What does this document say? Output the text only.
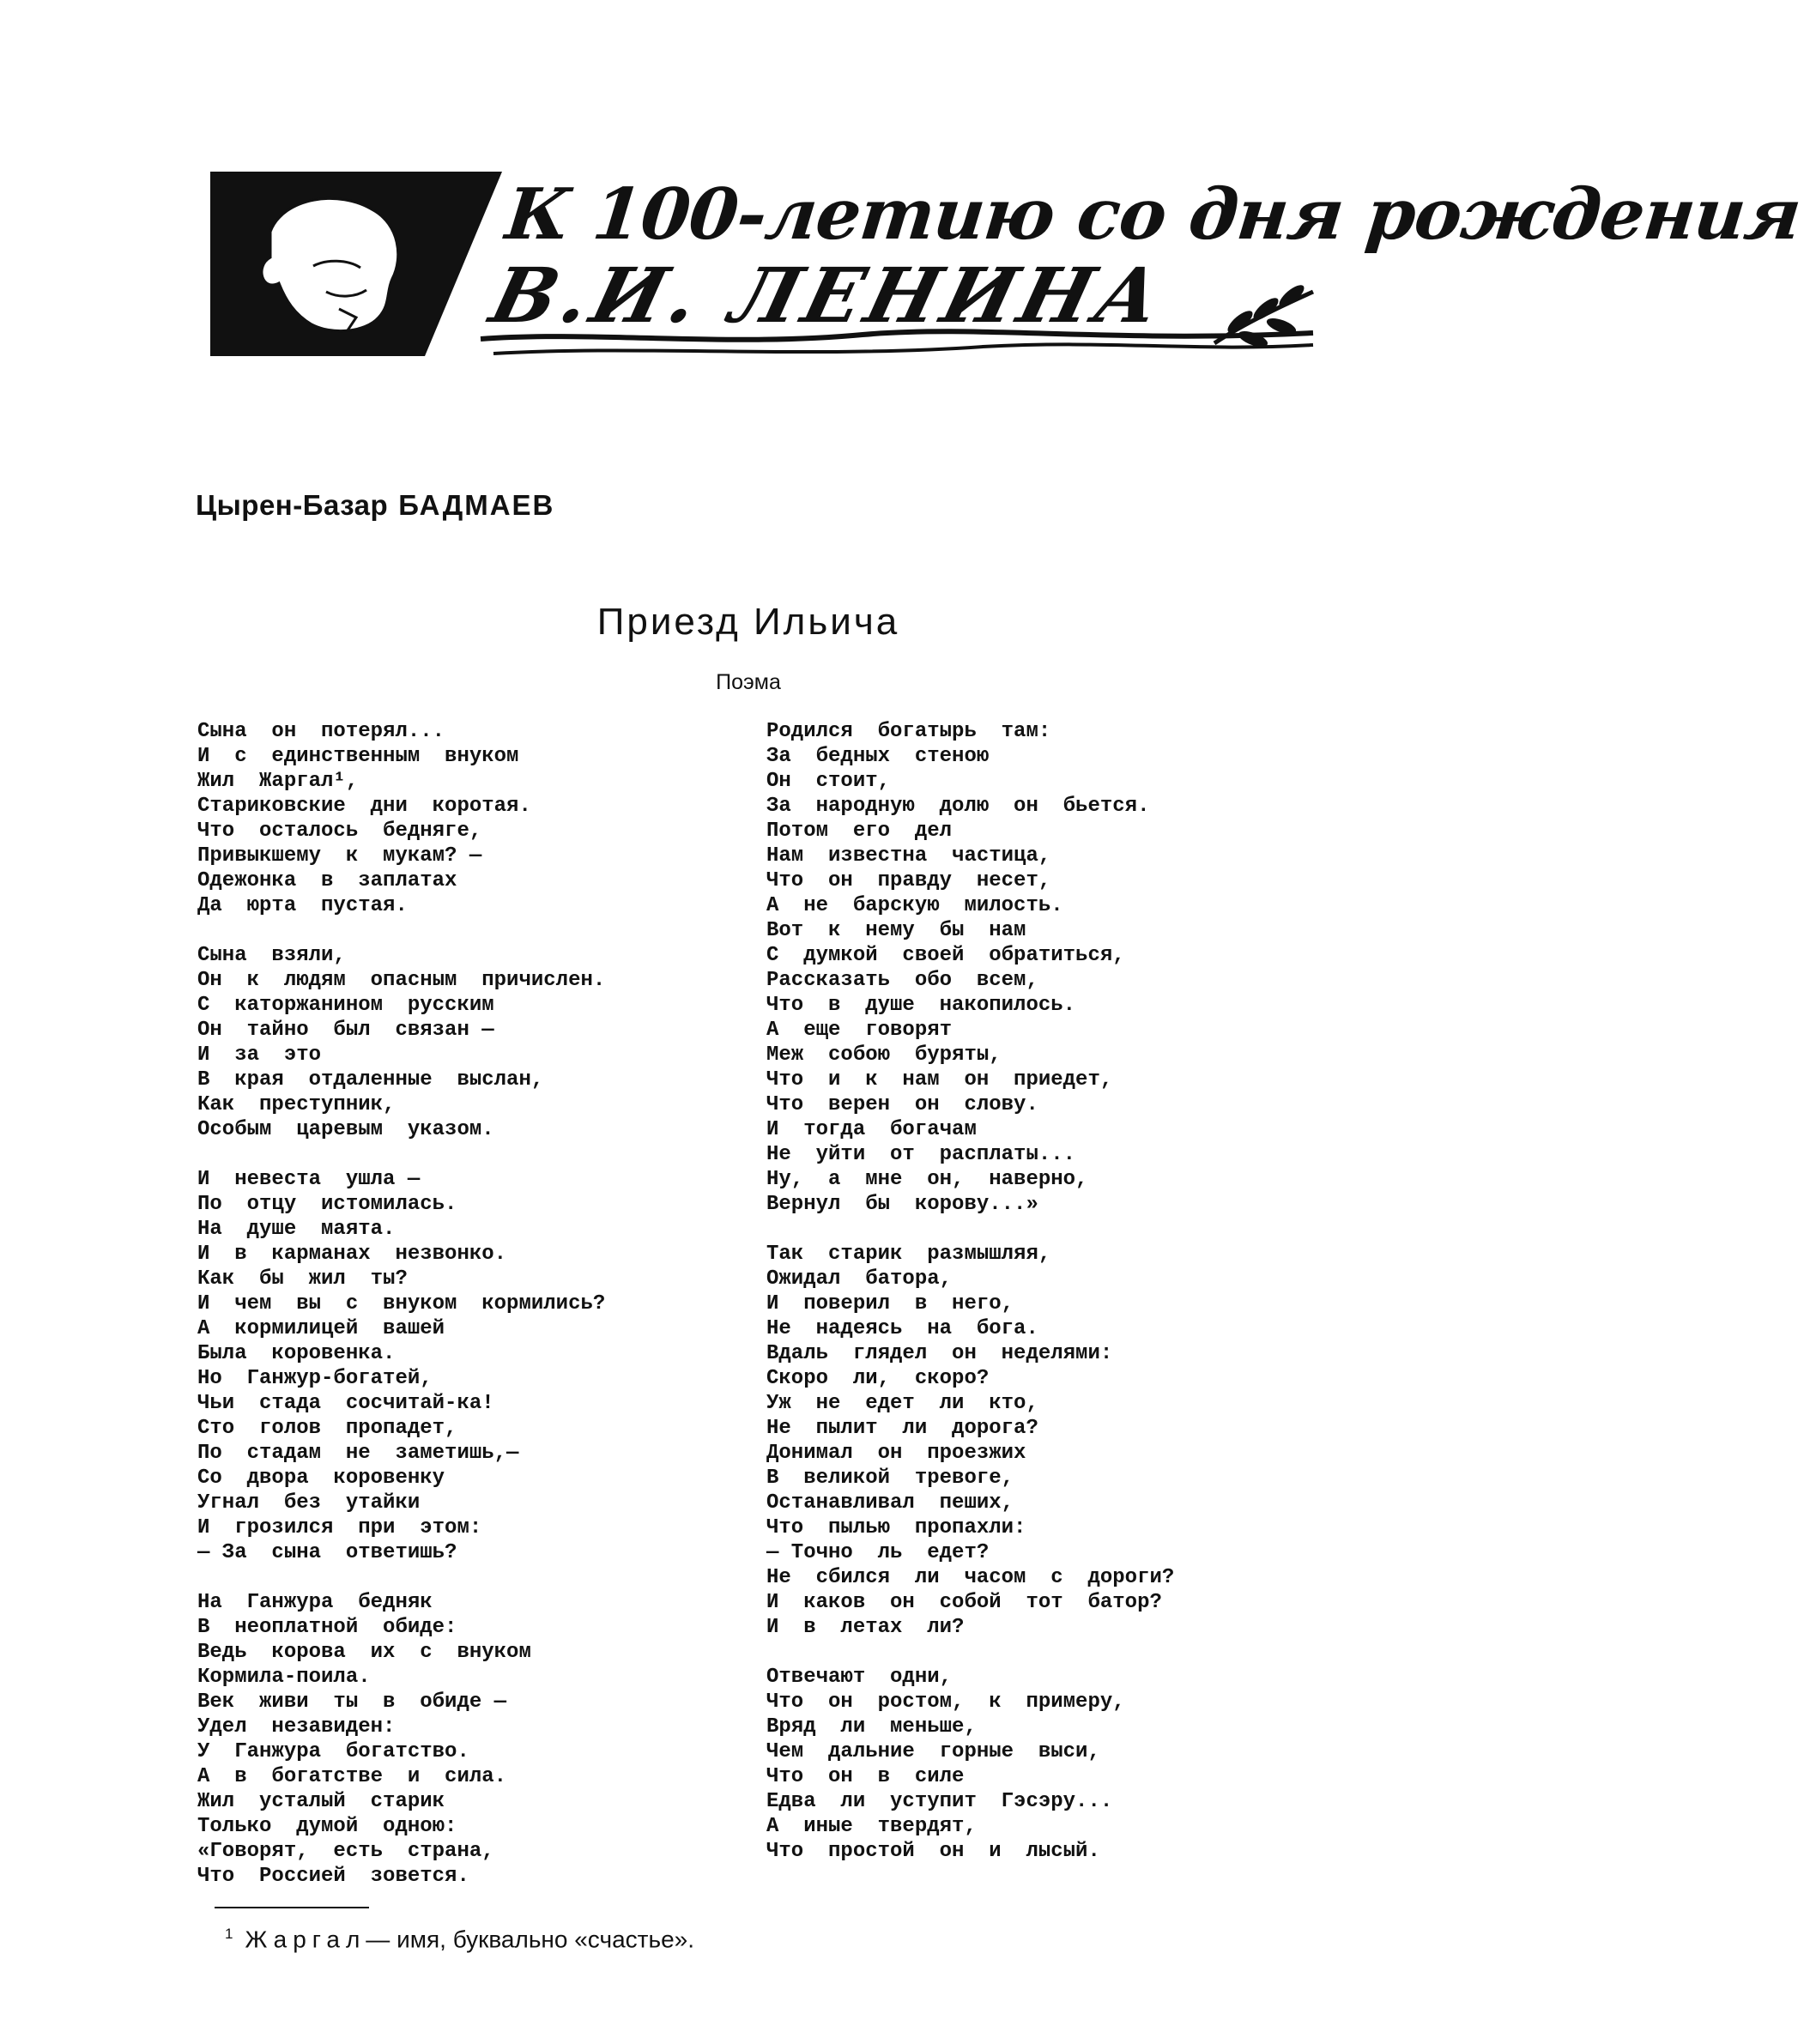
К 100-летию со дня рождения
В.И. ЛЕНИНА
Цырен-Базар БАДМАЕВ
Приезд Ильича
Поэма
Сына  он  потерял...
И  с  единственным  внуком
Жил  Жаргал¹,
Стариковские  дни  коротая.
Что  осталось  бедняге,
Привыкшему  к  мукам? —
Одежонка  в  заплатах
Да  юрта  пустая.
Сына  взяли,
Он  к  людям  опасным  причислен.
С  каторжанином  русским
Он  тайно  был  связан —
И  за  это
В  края  отдаленные  выслан,
Как  преступник,
Особым  царевым  указом.
И  невеста  ушла —
По  отцу  истомилась.
На  душе  маята.
И  в  карманах  незвонко.
Как  бы  жил  ты?
И  чем  вы  с  внуком  кормились?
А  кормилицей  вашей
Была  коровенка.
Но  Ганжур-богатей,
Чьи  стада  сосчитай-ка!
Сто  голов  пропадет,
По  стадам  не  заметишь,—
Со  двора  коровенку
Угнал  без  утайки
И  грозился  при  этом:
— За  сына  ответишь?
На  Ганжура  бедняк
В  неоплатной  обиде:
Ведь  корова  их  с  внуком
Кормила-поила.
Век  живи  ты  в  обиде —
Удел  незавиден:
У  Ганжура  богатство.
А  в  богатстве  и  сила.
Жил  усталый  старик
Только  думой  одною:
«Говорят,  есть  страна,
Что  Россией  зовется.
Родился  богатырь  там:
За  бедных  стеною
Он  стоит,
За  народную  долю  он  бьется.
Потом  его  дел
Нам  известна  частица,
Что  он  правду  несет,
А  не  барскую  милость.
Вот  к  нему  бы  нам
С  думкой  своей  обратиться,
Рассказать  обо  всем,
Что  в  душе  накопилось.
А  еще  говорят
Меж  собою  буряты,
Что  и  к  нам  он  приедет,
Что  верен  он  слову.
И  тогда  богачам
Не  уйти  от  расплаты...
Ну,  а  мне  он,  наверно,
Вернул  бы  корову...»
Так  старик  размышляя,
Ожидал  батора,
И  поверил  в  него,
Не  надеясь  на  бога.
Вдаль  глядел  он  неделями:
Скоро  ли,  скоро?
Уж  не  едет  ли  кто,
Не  пылит  ли  дорога?
Донимал  он  проезжих
В  великой  тревоге,
Останавливал  пеших,
Что  пылью  пропахли:
— Точно  ль  едет?
Не  сбился  ли  часом  с  дороги?
И  каков  он  собой  тот  батор?
И  в  летах  ли?
Отвечают  одни,
Что  он  ростом,  к  примеру,
Вряд  ли  меньше,
Чем  дальние  горные  выси,
Что  он  в  силе
Едва  ли  уступит  Гэсэру...
А  иные  твердят,
Что  простой  он  и  лысый.
$^1$ Жаргал— имя, буквально «счастье».
